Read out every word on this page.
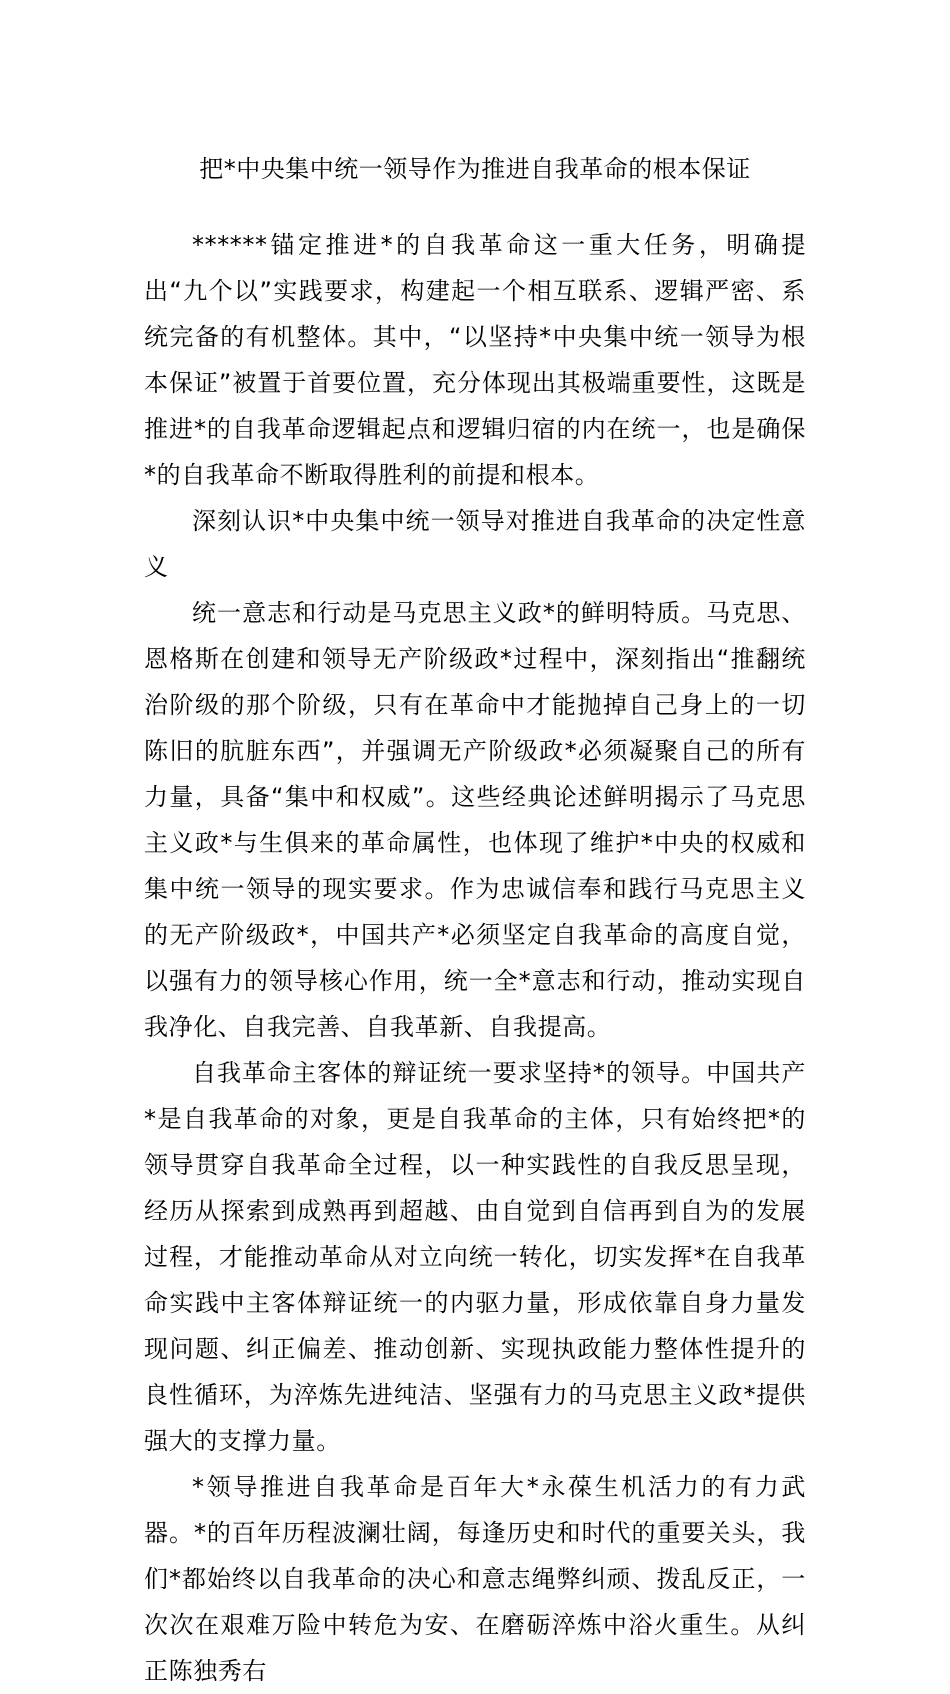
把*中央集中统一领导作为推进自我革命的根本保证

******锚定推进*的自我革命这一重大任务，明确提出“九个以”实践要求，构建起一个相互联系、逻辑严密、系统完备的有机整体。其中，“以坚持*中央集中统一领导为根本保证”被置于首要位置，充分体现出其极端重要性，这既是推进*的自我革命逻辑起点和逻辑归宿的内在统一，也是确保*的自我革命不断取得胜利的前提和根本。

深刻认识*中央集中统一领导对推进自我革命的决定性意义

统一意志和行动是马克思主义政*的鲜明特质。马克思、恩格斯在创建和领导无产阶级政*过程中，深刻指出“推翻统治阶级的那个阶级，只有在革命中才能抛掉自己身上的一切陈旧的肮脏东西”，并强调无产阶级政*必须凝聚自己的所有力量，具备“集中和权威”。这些经典论述鲜明揭示了马克思主义政*与生俱来的革命属性，也体现了维护*中央的权威和集中统一领导的现实要求。作为忠诚信奉和践行马克思主义的无产阶级政*，中国共产*必须坚定自我革命的高度自觉，以强有力的领导核心作用，统一全*意志和行动，推动实现自我净化、自我完善、自我革新、自我提高。

自我革命主客体的辩证统一要求坚持*的领导。中国共产*是自我革命的对象，更是自我革命的主体，只有始终把*的领导贯穿自我革命全过程，以一种实践性的自我反思呈现，经历从探索到成熟再到超越、由自觉到自信再到自为的发展过程，才能推动革命从对立向统一转化，切实发挥*在自我革命实践中主客体辩证统一的内驱力量，形成依靠自身力量发现问题、纠正偏差、推动创新、实现执政能力整体性提升的良性循环，为淬炼先进纯洁、坚强有力的马克思主义政*提供强大的支撑力量。

*领导推进自我革命是百年大*永葆生机活力的有力武器。*的百年历程波澜壮阔，每逢历史和时代的重要关头，我们*都始终以自我革命的决心和意志绳弊纠顽、拨乱反正，一次次在艰难万险中转危为安、在磨砺淬炼中浴火重生。从纠正陈独秀右
